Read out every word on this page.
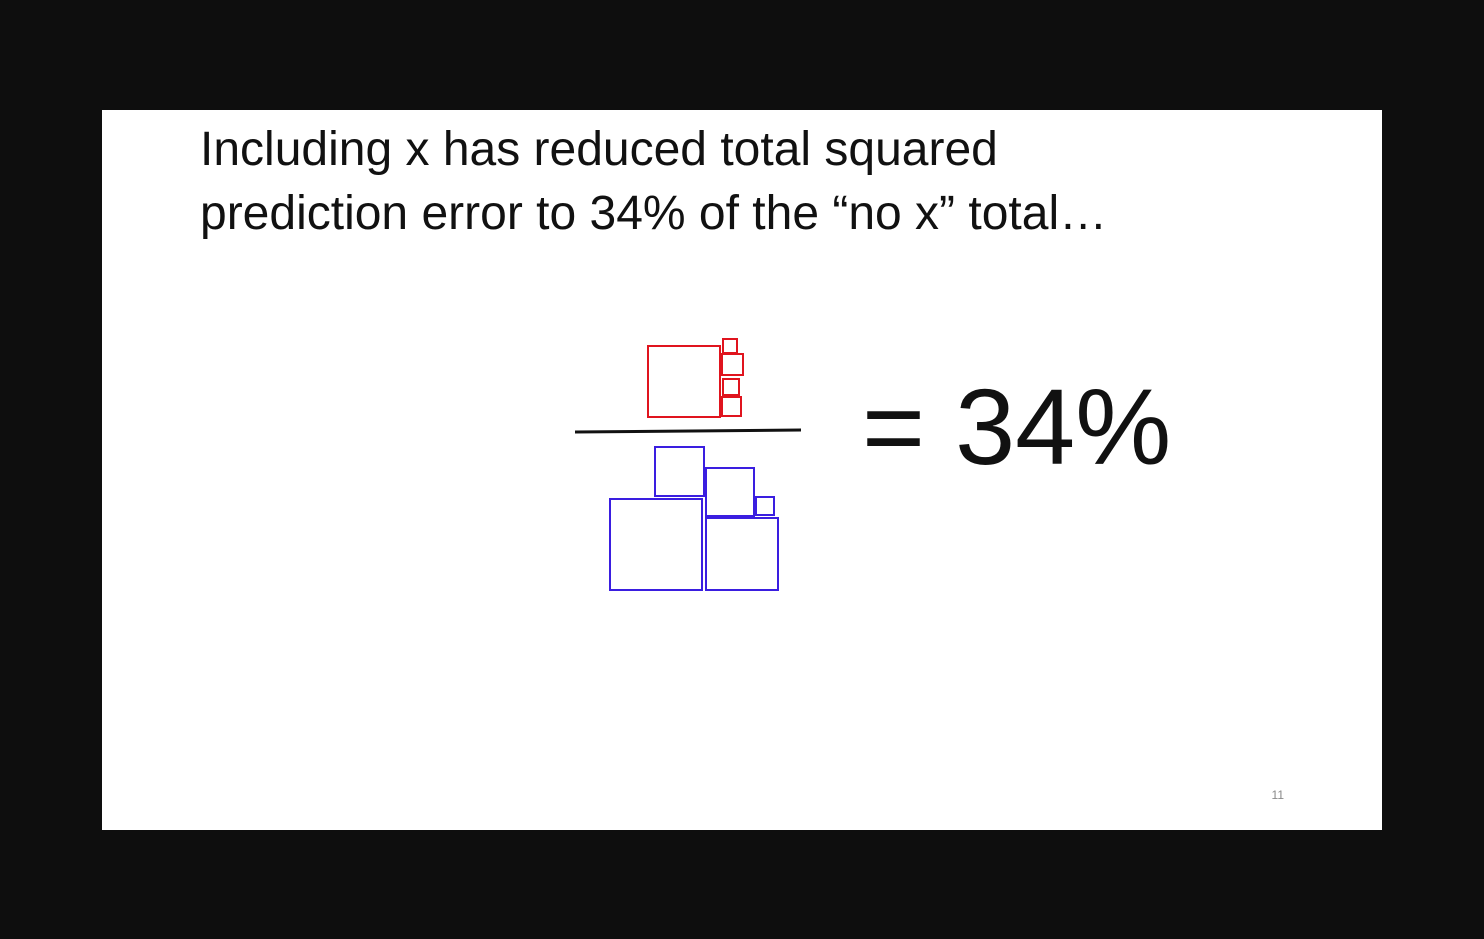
Including x has reduced total squared
prediction error to 34% of the “no x” total…
= 34%
11
